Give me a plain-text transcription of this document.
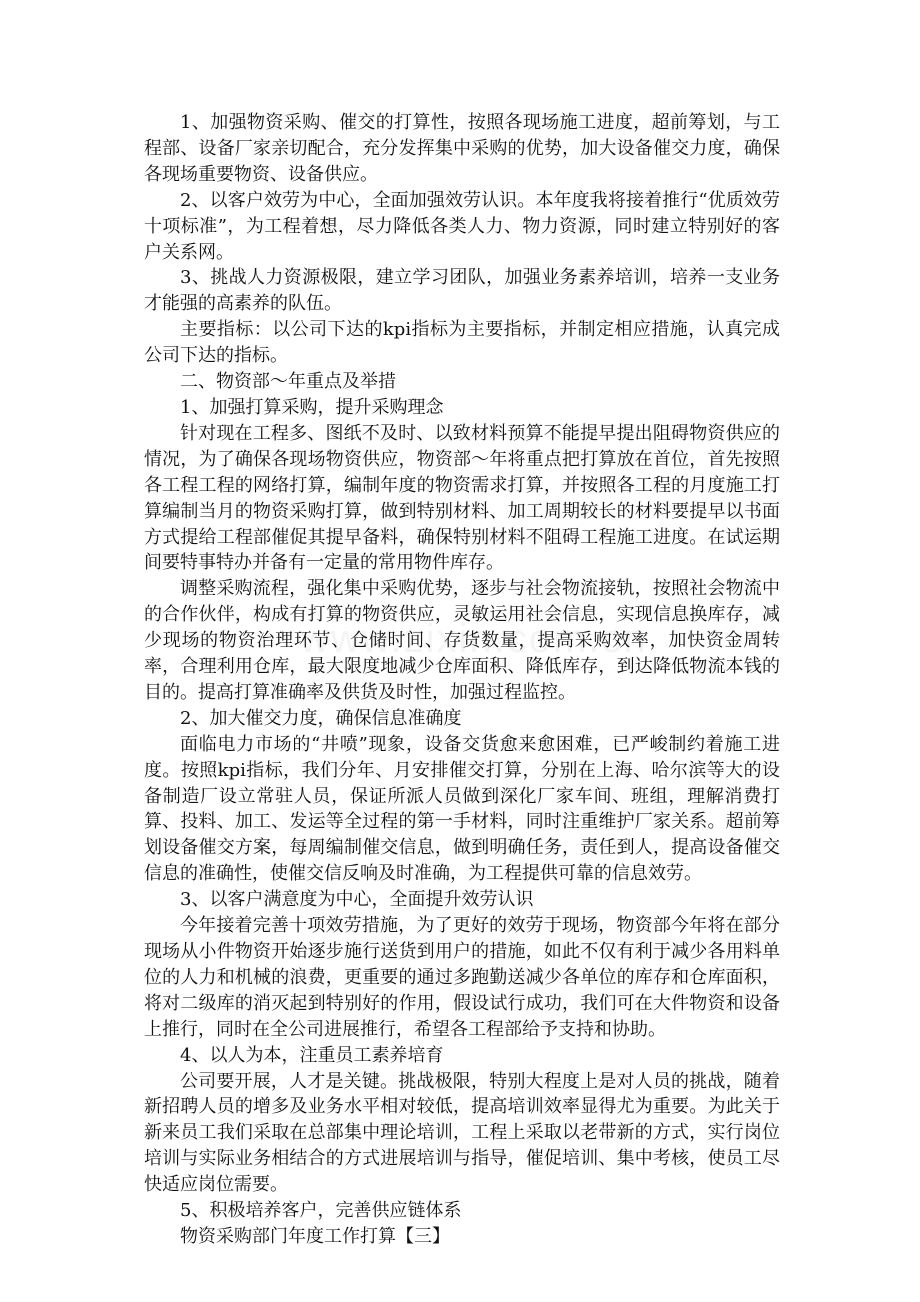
1、加强物资采购、催交的打算性，按照各现场施工进度，超前筹划，与工程部、设备厂家亲切配合，充分发挥集中采购的优势，加大设备催交力度，确保各现场重要物资、设备供应。

2、以客户效劳为中心，全面加强效劳认识。本年度我将接着推行“优质效劳十项标准”，为工程着想，尽力降低各类人力、物力资源，同时建立特别好的客户关系网。

3、挑战人力资源极限，建立学习团队，加强业务素养培训，培养一支业务才能强的高素养的队伍。

主要指标：以公司下达的kpi指标为主要指标，并制定相应措施，认真完成公司下达的指标。

二、物资部～年重点及举措

1、加强打算采购，提升采购理念

针对现在工程多、图纸不及时、以致材料预算不能提早提出阻碍物资供应的情况，为了确保各现场物资供应，物资部～年将重点把打算放在首位，首先按照各工程工程的网络打算，编制年度的物资需求打算，并按照各工程的月度施工打算编制当月的物资采购打算，做到特别材料、加工周期较长的材料要提早以书面方式提给工程部催促其提早备料，确保特别材料不阻碍工程施工进度。在试运期间要特事特办并备有一定量的常用物件库存。

调整采购流程，强化集中采购优势，逐步与社会物流接轨，按照社会物流中的合作伙伴，构成有打算的物资供应，灵敏运用社会信息，实现信息换库存，减少现场的物资治理环节、仓储时间、存货数量，提高采购效率，加快资金周转率，合理利用仓库，最大限度地减少仓库面积、降低库存，到达降低物流本钱的目的。提高打算准确率及供货及时性，加强过程监控。

2、加大催交力度，确保信息准确度

面临电力市场的“井喷”现象，设备交货愈来愈困难，已严峻制约着施工进度。按照kpi指标，我们分年、月安排催交打算，分别在上海、哈尔滨等大的设备制造厂设立常驻人员，保证所派人员做到深化厂家车间、班组，理解消费打算、投料、加工、发运等全过程的第一手材料，同时注重维护厂家关系。超前筹划设备催交方案，每周编制催交信息，做到明确任务，责任到人，提高设备催交信息的准确性，使催交信反响及时准确，为工程提供可靠的信息效劳。

3、以客户满意度为中心，全面提升效劳认识

今年接着完善十项效劳措施，为了更好的效劳于现场，物资部今年将在部分现场从小件物资开始逐步施行送货到用户的措施，如此不仅有利于减少各用料单位的人力和机械的浪费，更重要的通过多跑勤送减少各单位的库存和仓库面积，将对二级库的消灭起到特别好的作用，假设试行成功，我们可在大件物资和设备上推行，同时在全公司进展推行，希望各工程部给予支持和协助。

4、以人为本，注重员工素养培育

公司要开展，人才是关键。挑战极限，特别大程度上是对人员的挑战，随着新招聘人员的增多及业务水平相对较低，提高培训效率显得尤为重要。为此关于新来员工我们采取在总部集中理论培训，工程上采取以老带新的方式，实行岗位培训与实际业务相结合的方式进展培训与指导，催促培训、集中考核，使员工尽快适应岗位需要。

5、积极培养客户，完善供应链体系

物资采购部门年度工作打算【三】
